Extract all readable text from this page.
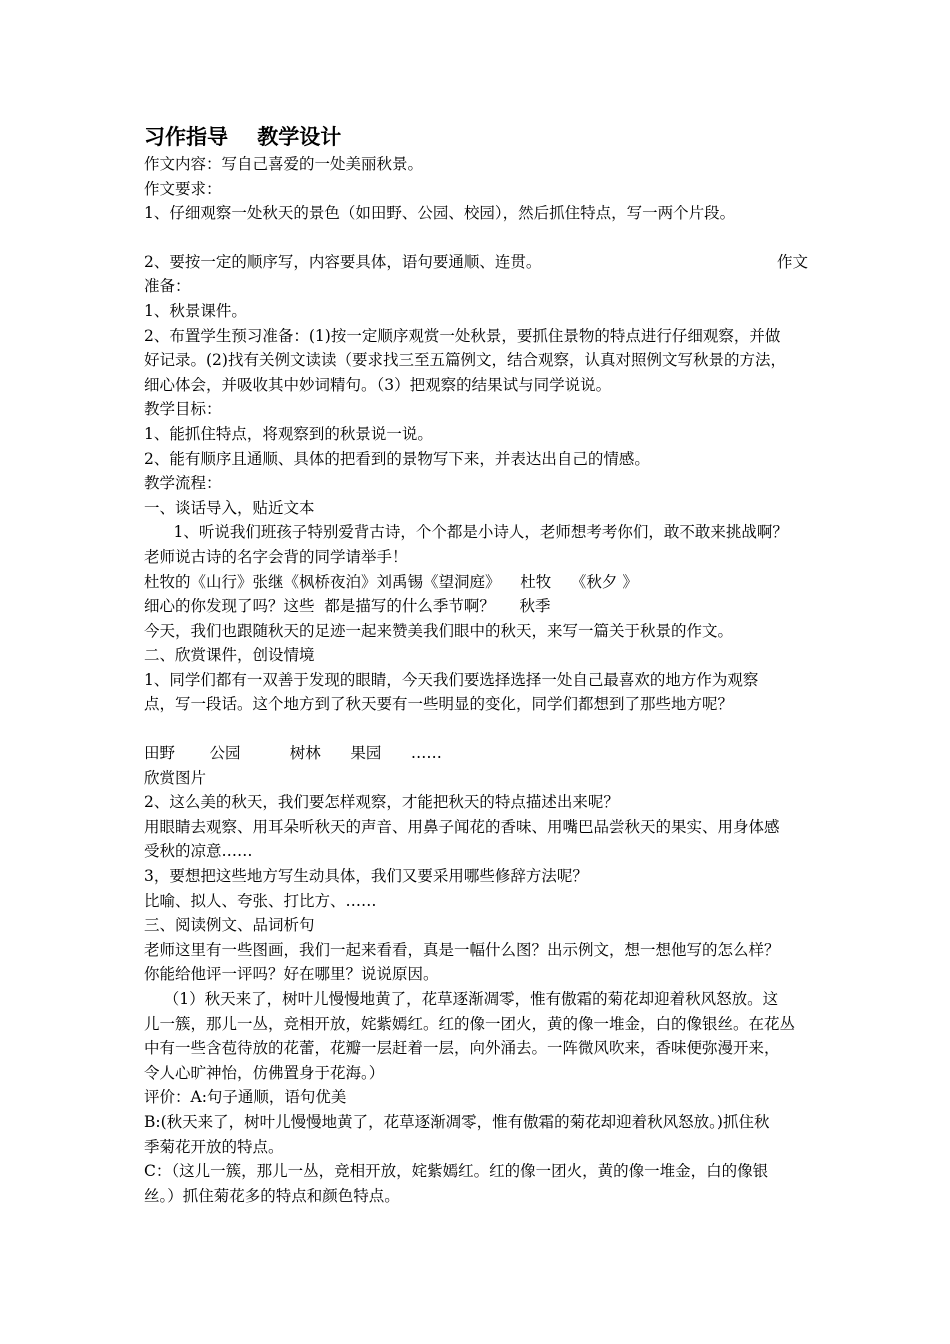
习作指导    教学设计
作文内容：写自己喜爱的一处美丽秋景。
作文要求：
1、仔细观察一处秋天的景色（如田野、公园、校园），然后抓住特点，写一两个片段。
2、要按一定的顺序写，内容要具体，语句要通顺、连贯。	作文
准备：
1、秋景课件。
2、布置学生预习准备：(1)按一定顺序观赏一处秋景，要抓住景物的特点进行仔细观察，并做
好记录。(2)找有关例文读读（要求找三至五篇例文，结合观察，认真对照例文写秋景的方法，
细心体会，并吸收其中妙词精句。（3）把观察的结果试与同学说说。
教学目标：
1、能抓住特点，将观察到的秋景说一说。
2、能有顺序且通顺、具体的把看到的景物写下来，并表达出自己的情感。
教学流程：
一、谈话导入，贴近文本
1、听说我们班孩子特别爱背古诗，个个都是小诗人，老师想考考你们，敢不敢来挑战啊？
老师说古诗的名字会背的同学请举手！
杜牧的《山行》张继《枫桥夜泊》刘禹锡《望洞庭》    杜牧    《秋夕 》
细心的你发现了吗？这些  都是描写的什么季节啊？     秋季
今天，我们也跟随秋天的足迹一起来赞美我们眼中的秋天，来写一篇关于秋景的作文。
二、欣赏课件，创设情境
1、同学们都有一双善于发现的眼睛，今天我们要选择选择一处自己最喜欢的地方作为观察
点，写一段话。这个地方到了秋天要有一些明显的变化，同学们都想到了那些地方呢？
田野       公园          树林      果园      ……
欣赏图片
2、这么美的秋天，我们要怎样观察，才能把秋天的特点描述出来呢？
用眼睛去观察、用耳朵听秋天的声音、用鼻子闻花的香味、用嘴巴品尝秋天的果实、用身体感
受秋的凉意……
3，要想把这些地方写生动具体，我们又要采用哪些修辞方法呢？
比喻、拟人、夸张、打比方、……
三、阅读例文、品词析句
老师这里有一些图画，我们一起来看看，真是一幅什么图？出示例文，想一想他写的怎么样？
你能给他评一评吗？好在哪里？说说原因。
（1）秋天来了，树叶儿慢慢地黄了，花草逐渐凋零，惟有傲霜的菊花却迎着秋风怒放。这
儿一簇，那儿一丛，竞相开放，姹紫嫣红。红的像一团火，黄的像一堆金，白的像银丝。在花丛
中有一些含苞待放的花蕾，花瓣一层赶着一层，向外涌去。一阵微风吹来，香味便弥漫开来，
令人心旷神怡，仿佛置身于花海。）
评价：A:句子通顺，语句优美
B:(秋天来了，树叶儿慢慢地黄了，花草逐渐凋零，惟有傲霜的菊花却迎着秋风怒放。)抓住秋
季菊花开放的特点。
C：（这儿一簇，那儿一丛，竞相开放，姹紫嫣红。红的像一团火，黄的像一堆金，白的像银
丝。）抓住菊花多的特点和颜色特点。
